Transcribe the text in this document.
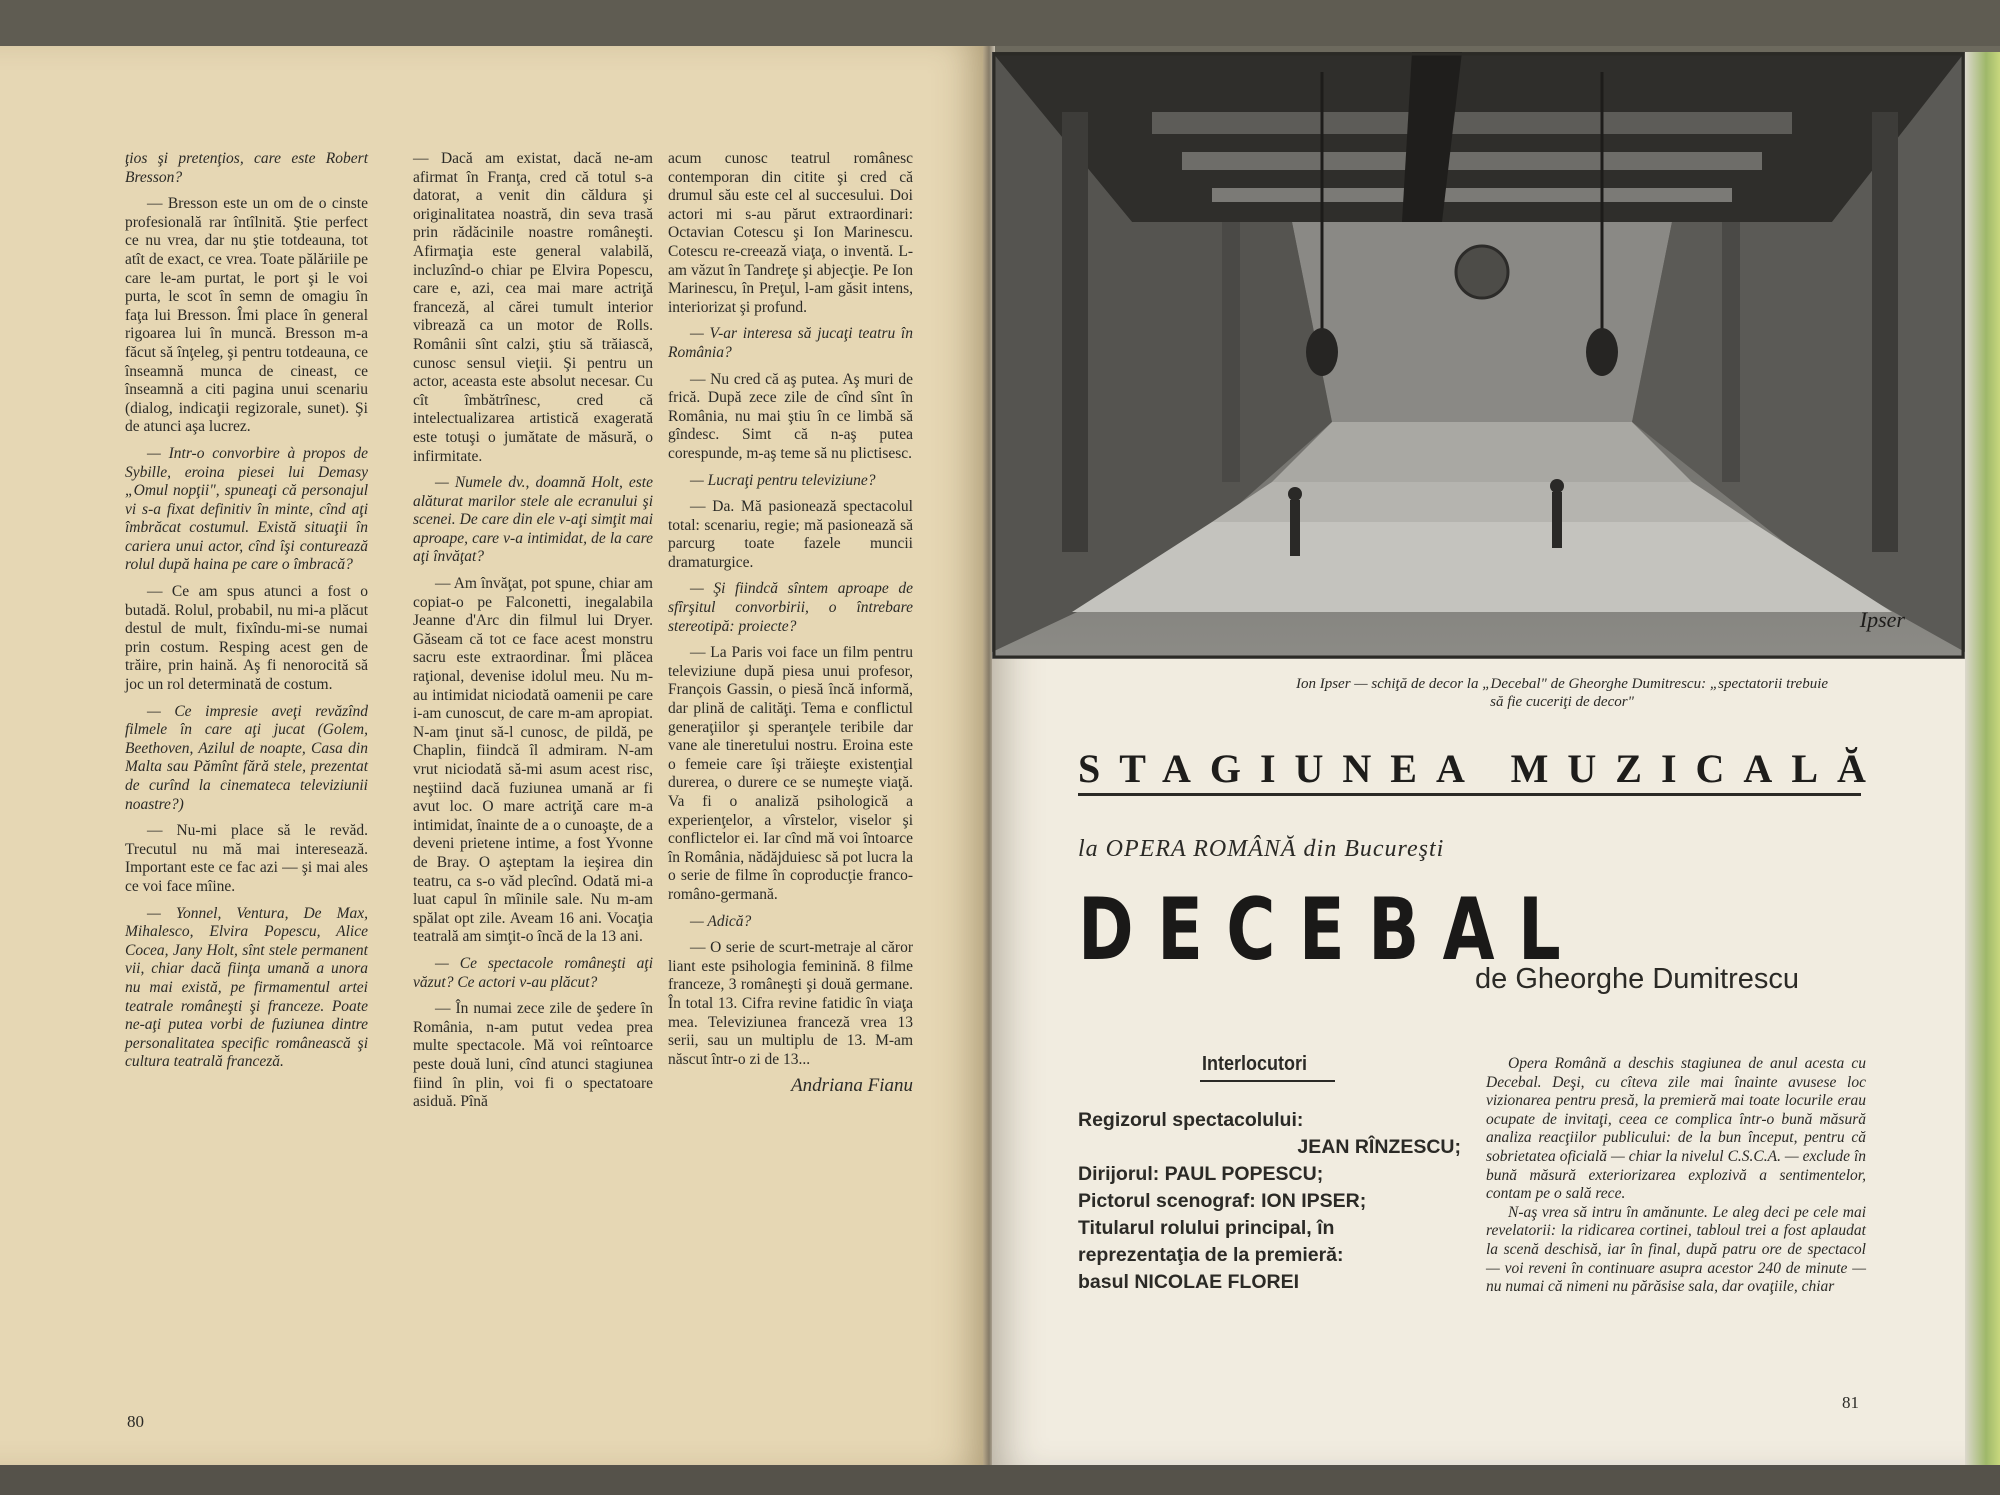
ţios şi pretenţios, care este Robert Bresson?

— Bresson este un om de o cinste profesională rar întîlnită. Ştie perfect ce nu vrea, dar nu ştie totdeauna, tot atît de exact, ce vrea. Toate pălăriile pe care le-am purtat, le port şi le voi purta, le scot în semn de omagiu în faţa lui Bresson. Îmi place în general rigoarea lui în muncă. Bresson m-a făcut să înţeleg, şi pentru totdeauna, ce înseamnă munca de cineast, ce înseamnă a citi pagina unui scenariu (dialog, indicaţii regizorale, sunet). Şi de atunci aşa lucrez.

— Intr-o convorbire à propos de Sybille, eroina piesei lui Demasy „Omul nopţii", spuneaţi că personajul vi s-a fixat definitiv în minte, cînd aţi îmbrăcat costumul. Există situaţii în cariera unui actor, cînd îşi conturează rolul după haina pe care o îmbracă?

— Ce am spus atunci a fost o butadă. Rolul, probabil, nu mi-a plăcut destul de mult, fixîndu-mi-se numai prin costum. Resping acest gen de trăire, prin haină. Aş fi nenorocită să joc un rol determinată de costum.

— Ce impresie aveţi revăzînd filmele în care aţi jucat (Golem, Beethoven, Azilul de noapte, Casa din Malta sau Pămînt fără stele, prezentat de curînd la cinemateca televiziunii noastre?)

— Nu-mi place să le revăd. Trecutul nu mă mai interesează. Important este ce fac azi — şi mai ales ce voi face mîine.

— Yonnel, Ventura, De Max, Mihalesco, Elvira Popescu, Alice Cocea, Jany Holt, sînt stele permanent vii, chiar dacă fiinţa umană a unora nu mai există, pe firmamentul artei teatrale româneşti şi franceze. Poate ne-aţi putea vorbi de fuziunea dintre personalitatea specific românească şi cultura teatrală franceză.

— Dacă am existat, dacă ne-am afirmat în Franţa, cred că totul s-a datorat, a venit din căldura şi originalitatea noastră, din seva trasă prin rădăcinile noastre româneşti. Afirmaţia este general valabilă, incluzînd-o chiar pe Elvira Popescu, care e, azi, cea mai mare actriţă franceză, al cărei tumult interior vibrează ca un motor de Rolls. Românii sînt calzi, ştiu să trăiască, cunosc sensul vieţii. Şi pentru un actor, aceasta este absolut necesar. Cu cît îmbătrînesc, cred că intelectualizarea artistică exagerată este totuşi o jumătate de măsură, o infirmitate.

— Numele dv., doamnă Holt, este alăturat marilor stele ale ecranului şi scenei. De care din ele v-aţi simţit mai aproape, care v-a intimidat, de la care aţi învăţat?

— Am învăţat, pot spune, chiar am copiat-o pe Falconetti, inegalabila Jeanne d'Arc din filmul lui Dryer. Găseam că tot ce face acest monstru sacru este extraordinar. Îmi plăcea raţional, devenise idolul meu. Nu m-au intimidat niciodată oamenii pe care i-am cunoscut, de care m-am apropiat. N-am ţinut să-l cunosc, de pildă, pe Chaplin, fiindcă îl admiram. N-am vrut niciodată să-mi asum acest risc, neştiind dacă fuziunea umană ar fi avut loc. O mare actriţă care m-a intimidat, înainte de a o cunoaşte, de a deveni prietene intime, a fost Yvonne de Bray. O aşteptam la ieşirea din teatru, ca s-o văd plecînd. Odată mi-a luat capul în mîinile sale. Nu m-am spălat opt zile. Aveam 16 ani. Vocaţia teatrală am simţit-o încă de la 13 ani.

— Ce spectacole româneşti aţi văzut? Ce actori v-au plăcut?

— În numai zece zile de şedere în România, n-am putut vedea prea multe spectacole. Mă voi reîntoarce peste două luni, cînd atunci stagiunea fiind în plin, voi fi o spectatoare asiduă. Pînă

acum cunosc teatrul românesc contemporan din citite şi cred că drumul său este cel al succesului. Doi actori mi s-au părut extraordinari: Octavian Cotescu şi Ion Marinescu. Cotescu re-creează viaţa, o inventă. L-am văzut în Tandreţe şi abjecţie. Pe Ion Marinescu, în Preţul, l-am găsit intens, interiorizat şi profund.

— V-ar interesa să jucaţi teatru în România?

— Nu cred că aş putea. Aş muri de frică. După zece zile de cînd sînt în România, nu mai ştiu în ce limbă să gîndesc. Simt că n-aş putea corespunde, m-aş teme să nu plictisesc.

— Lucraţi pentru televiziune?

— Da. Mă pasionează spectacolul total: scenariu, regie; mă pasionează să parcurg toate fazele muncii dramaturgice.

— Şi fiindcă sîntem aproape de sfîrşitul convorbirii, o întrebare stereotipă: proiecte?

— La Paris voi face un film pentru televiziune după piesa unui profesor, François Gassin, o piesă încă informă, dar plină de calităţi. Tema e conflictul generaţiilor şi speranţele teribile dar vane ale tineretului nostru. Eroina este o femeie care îşi trăieşte existenţial durerea, o durere ce se numeşte viaţă. Va fi o analiză psihologică a experienţelor, a vîrstelor, viselor şi conflictelor ei. Iar cînd mă voi întoarce în România, nădăjduiesc să pot lucra la o serie de filme în coproducţie franco-româno-germană.

— Adică?

— O serie de scurt-metraje al căror liant este psihologia feminină. 8 filme franceze, 3 româneşti şi două germane. În total 13. Cifra revine fatidic în viaţa mea. Televiziunea franceză vrea 13 serii, sau un multiplu de 13. M-am născut într-o zi de 13...

Andriana Fianu

80
Ipser
Ion Ipser — schiţă de decor la „Decebal" de Gheorghe Dumitrescu: „spectatorii trebuie să fie cuceriţi de decor"
STAGIUNEA MUZICALĂ
la OPERA ROMÂNĂ din Bucureşti
DECEBAL
de Gheorghe Dumitrescu
Interlocutori
Regizorul spectacolului:
JEAN RÎNZESCU;
Dirijorul: PAUL POPESCU;
Pictorul scenograf: ION IPSER;
Titularul rolului principal, în
reprezentaţia de la premieră:
basul NICOLAE FLOREI

Opera Română a deschis stagiunea de anul acesta cu Decebal. Deşi, cu cîteva zile mai înainte avusese loc vizionarea pentru presă, la premieră mai toate locurile erau ocupate de invitaţi, ceea ce complica într-o bună măsură analiza reacţiilor publicului: de la bun început, pentru că sobrietatea oficială — chiar la nivelul C.S.C.A. — exclude în bună măsură exteriorizarea explozivă a sentimentelor, contam pe o sală rece.

N-aş vrea să intru în amănunte. Le aleg deci pe cele mai revelatorii: la ridicarea cortinei, tabloul trei a fost aplaudat la scenă deschisă, iar în final, după patru ore de spectacol — voi reveni în continuare asupra acestor 240 de minute — nu numai că nimeni nu părăsise sala, dar ovaţiile, chiar

81
